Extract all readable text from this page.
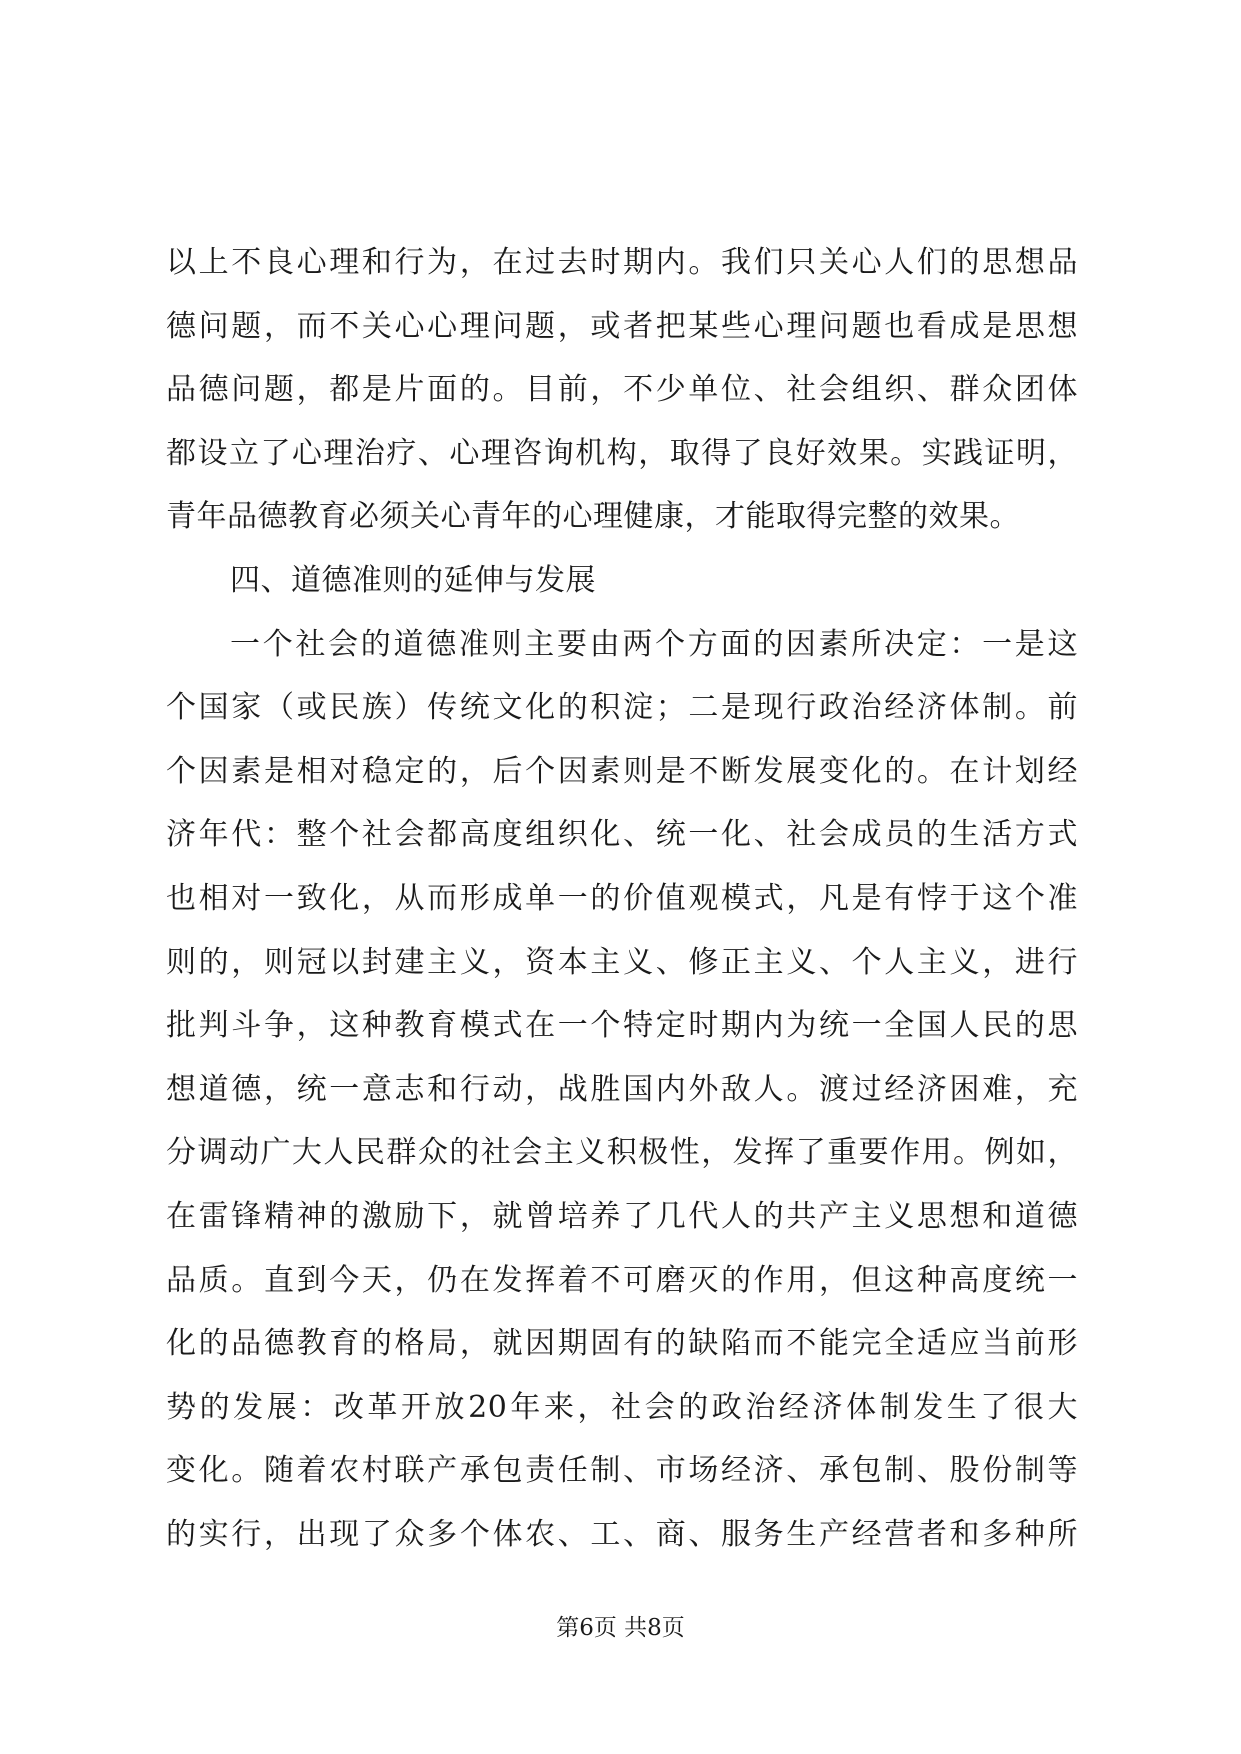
以上不良心理和行为，在过去时期内。我们只关心人们的思想品
德问题，而不关心心理问题，或者把某些心理问题也看成是思想
品德问题，都是片面的。目前，不少单位、社会组织、群众团体
都设立了心理治疗、心理咨询机构，取得了良好效果。实践证明，
青年品德教育必须关心青年的心理健康，才能取得完整的效果。
四、道德准则的延伸与发展
一个社会的道德准则主要由两个方面的因素所决定：一是这
个国家（或民族）传统文化的积淀；二是现行政治经济体制。前
个因素是相对稳定的，后个因素则是不断发展变化的。在计划经
济年代：整个社会都高度组织化、统一化、社会成员的生活方式
也相对一致化，从而形成单一的价值观模式，凡是有悖于这个准
则的，则冠以封建主义，资本主义、修正主义、个人主义，进行
批判斗争，这种教育模式在一个特定时期内为统一全国人民的思
想道德，统一意志和行动，战胜国内外敌人。渡过经济困难，充
分调动广大人民群众的社会主义积极性，发挥了重要作用。例如，
在雷锋精神的激励下，就曾培养了几代人的共产主义思想和道德
品质。直到今天，仍在发挥着不可磨灭的作用，但这种高度统一
化的品德教育的格局，就因期固有的缺陷而不能完全适应当前形
势的发展：改革开放20年来，社会的政治经济体制发生了很大
变化。随着农村联产承包责任制、市场经济、承包制、股份制等
的实行，出现了众多个体农、工、商、服务生产经营者和多种所
第6页 共8页
